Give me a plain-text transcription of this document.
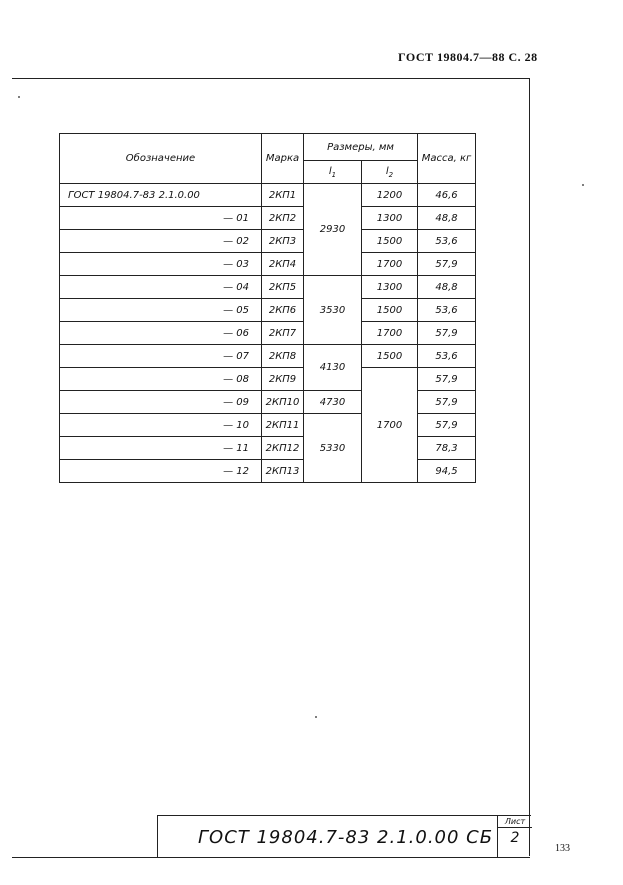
ГОСТ 19804.7—88 С. 28
Обозначение	Марка	Размеры, мм		Масса, кг
		$l_1$	$l_2$
ГОСТ 19804.7-83 2.1.0.00	2КП1	2930	1200	46,6
— 01	2КП2		1300	48,8
— 02	2КП3		1500	53,6
— 03	2КП4		1700	57,9
— 04	2КП5	3530	1300	48,8
— 05	2КП6		1500	53,6
— 06	2КП7		1700	57,9
— 07	2КП8	4130	1500	53,6
— 08	2КП9		1700	57,9
— 09	2КП10	4730		57,9
— 10	2КП11	5330		57,9
— 11	2КП12			78,3
— 12	2КП13			94,5
ГОСТ 19804.7-83 2.1.0.00 СБ
Лист
2
133
